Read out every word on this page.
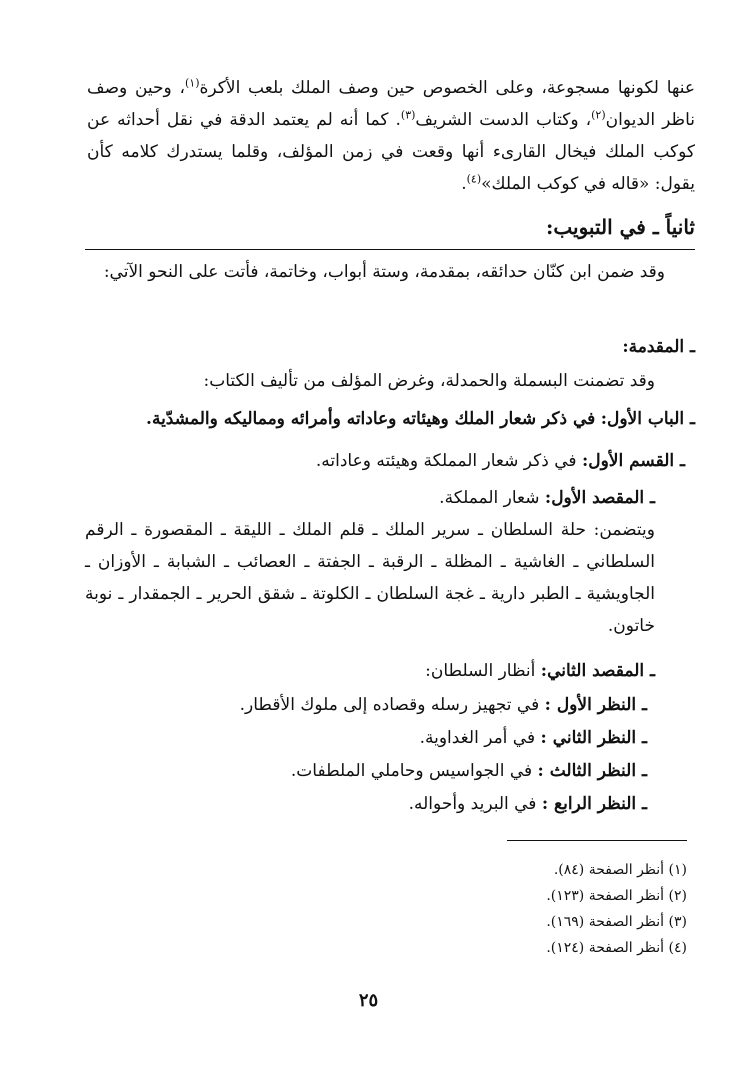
عنها لكونها مسجوعة، وعلى الخصوص حين وصف الملك بلعب الأكرة$^{(١)}$، وحين وصف ناظر الديوان$^{(٢)}$، وكتاب الدست الشريف$^{(٣)}$. كما أنه لم يعتمد الدقة في نقل أحداثه عن كوكب الملك فيخال القارىء أنها وقعت في زمن المؤلف، وقلما يستدرك كلامه كأن يقول: «قاله في كوكب الملك»$^{(٤)}$.

ثانياً ـ في التبويب:

وقد ضمن ابن كنّان حدائقه، بمقدمة، وستة أبواب، وخاتمة، فأتت على النحو الآتي:

ـ المقدمة:

وقد تضمنت البسملة والحمدلة، وغرض المؤلف من تأليف الكتاب:

ـ الباب الأول: في ذكر شعار الملك وهيئاته وعاداته وأمرائه ومماليكه والمشدّية.

ـ القسم الأول: في ذكر شعار المملكة وهيئته وعاداته.

ـ المقصد الأول: شعار المملكة.

ويتضمن: حلة السلطان ـ سرير الملك ـ قلم الملك ـ الليقة ـ المقصورة ـ الرقم السلطاني ـ الغاشية ـ المظلة ـ الرقبة ـ الجفتة ـ العصائب ـ الشبابة ـ الأوزان ـ الجاويشية ـ الطبر دارية ـ غجة السلطان ـ الكلوتة ـ شقق الحرير ـ الجمقدار ـ نوبة خاتون.

ـ المقصد الثاني: أنظار السلطان:

ـ النظر الأول : في تجهيز رسله وقصاده إلى ملوك الأقطار.

ـ النظر الثاني : في أمر الغداوية.

ـ النظر الثالث : في الجواسيس وحاملي الملطفات.

ـ النظر الرابع : في البريد وأحواله.

(١) أنظر الصفحة (٨٤).
(٢) أنظر الصفحة (١٢٣).
(٣) أنظر الصفحة (١٦٩).
(٤) أنظر الصفحة (١٢٤).
٢٥
